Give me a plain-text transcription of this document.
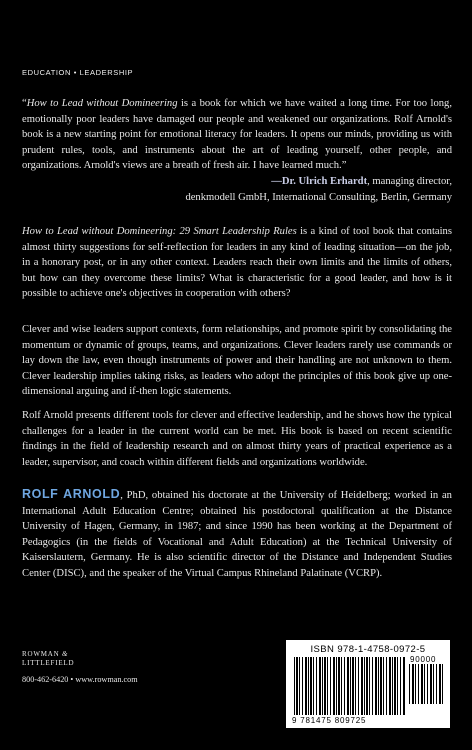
EDUCATION • LEADERSHIP
“How to Lead without Domineering is a book for which we have waited a long time. For too long, emotionally poor leaders have damaged our people and weakened our organizations. Rolf Arnold's book is a new starting point for emotional literacy for leaders. It opens our minds, providing us with prudent rules, tools, and instruments about the art of leading yourself, other people, and organizations. Arnold's views are a breath of fresh air. I have learned much.”
—Dr. Ulrich Erhardt, managing director,
denkmodell GmbH, International Consulting, Berlin, Germany
How to Lead without Domineering: 29 Smart Leadership Rules is a kind of tool book that contains almost thirty suggestions for self-reflection for leaders in any kind of leading situation—on the job, in a honorary post, or in any other context. Leaders reach their own limits and the limits of others, but how can they overcome these limits? What is characteristic for a good leader, and how is it possible to achieve one's objectives in cooperation with others?
Clever and wise leaders support contexts, form relationships, and promote spirit by consolidating the momentum or dynamic of groups, teams, and organizations. Clever leaders rarely use commands or lay down the law, even though instruments of power and their handling are not unknown to them. Clever leadership implies taking risks, as leaders who adopt the principles of this book give up one-dimensional arguing and if-then logic statements.
Rolf Arnold presents different tools for clever and effective leadership, and he shows how the typical challenges for a leader in the current world can be met. His book is based on recent scientific findings in the field of leadership research and on almost thirty years of practical experience as a leader, supervisor, and coach within different fields and organizations worldwide.
ROLF ARNOLD, PhD, obtained his doctorate at the University of Heidelberg; worked in an International Adult Education Centre; obtained his postdoctoral qualification at the Distance University of Hagen, Germany, in 1987; and since 1990 has been working at the Department of Pedagogics (in the fields of Vocational and Adult Education) at the Technical University of Kaiserslautern, Germany. He is also scientific director of the Distance and Independent Studies Center (DISC), and the speaker of the Virtual Campus Rhineland Palatinate (VCRP).
ROWMAN &
LITTLEFIELD
800-462-6420 • www.rowman.com
ISBN 978-1-4758-0972-5
90000
9 781475 809725
